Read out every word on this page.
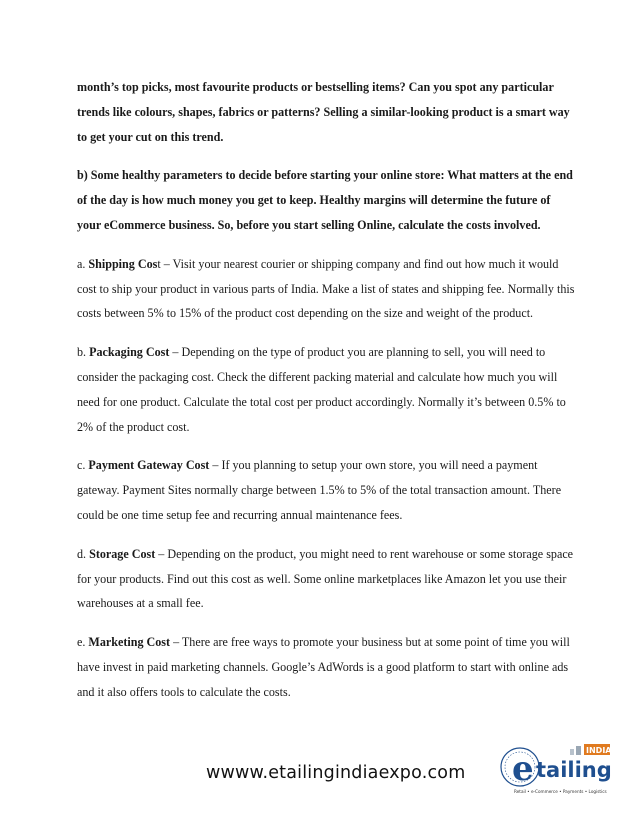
month’s top picks, most favourite products or bestselling items? Can you spot any particular trends like colours, shapes, fabrics or patterns? Selling a similar-looking product is a smart way to get your cut on this trend.

b) Some healthy parameters to decide before starting your online store: What matters at the end of the day is how much money you get to keep. Healthy margins will determine the future of your eCommerce business. So, before you start selling Online, calculate the costs involved.

a. Shipping Cost – Visit your nearest courier or shipping company and find out how much it would cost to ship your product in various parts of India. Make a list of states and shipping fee. Normally this costs between 5% to 15% of the product cost depending on the size and weight of the product.

b. Packaging Cost – Depending on the type of product you are planning to sell, you will need to consider the packaging cost. Check the different packing material and calculate how much you will need for one product. Calculate the total cost per product accordingly. Normally it’s between 0.5% to 2% of the product cost.

c. Payment Gateway Cost – If you planning to setup your own store, you will need a payment gateway. Payment Sites normally charge between 1.5% to 5% of the total transaction amount. There could be one time setup fee and recurring annual maintenance fees.

d. Storage Cost – Depending on the product, you might need to rent warehouse or some storage space for your products. Find out this cost as well. Some online marketplaces like Amazon let you use their warehouses at a small fee.

e. Marketing Cost – There are free ways to promote your business but at some point of time you will have invest in paid marketing channels. Google’s AdWords is a good platform to start with online ads and it also offers tools to calculate the costs.

wwww.etailingindiaexpo.com e tailing
INDIA
Retail • e-Commerce • Payments • Logistics
